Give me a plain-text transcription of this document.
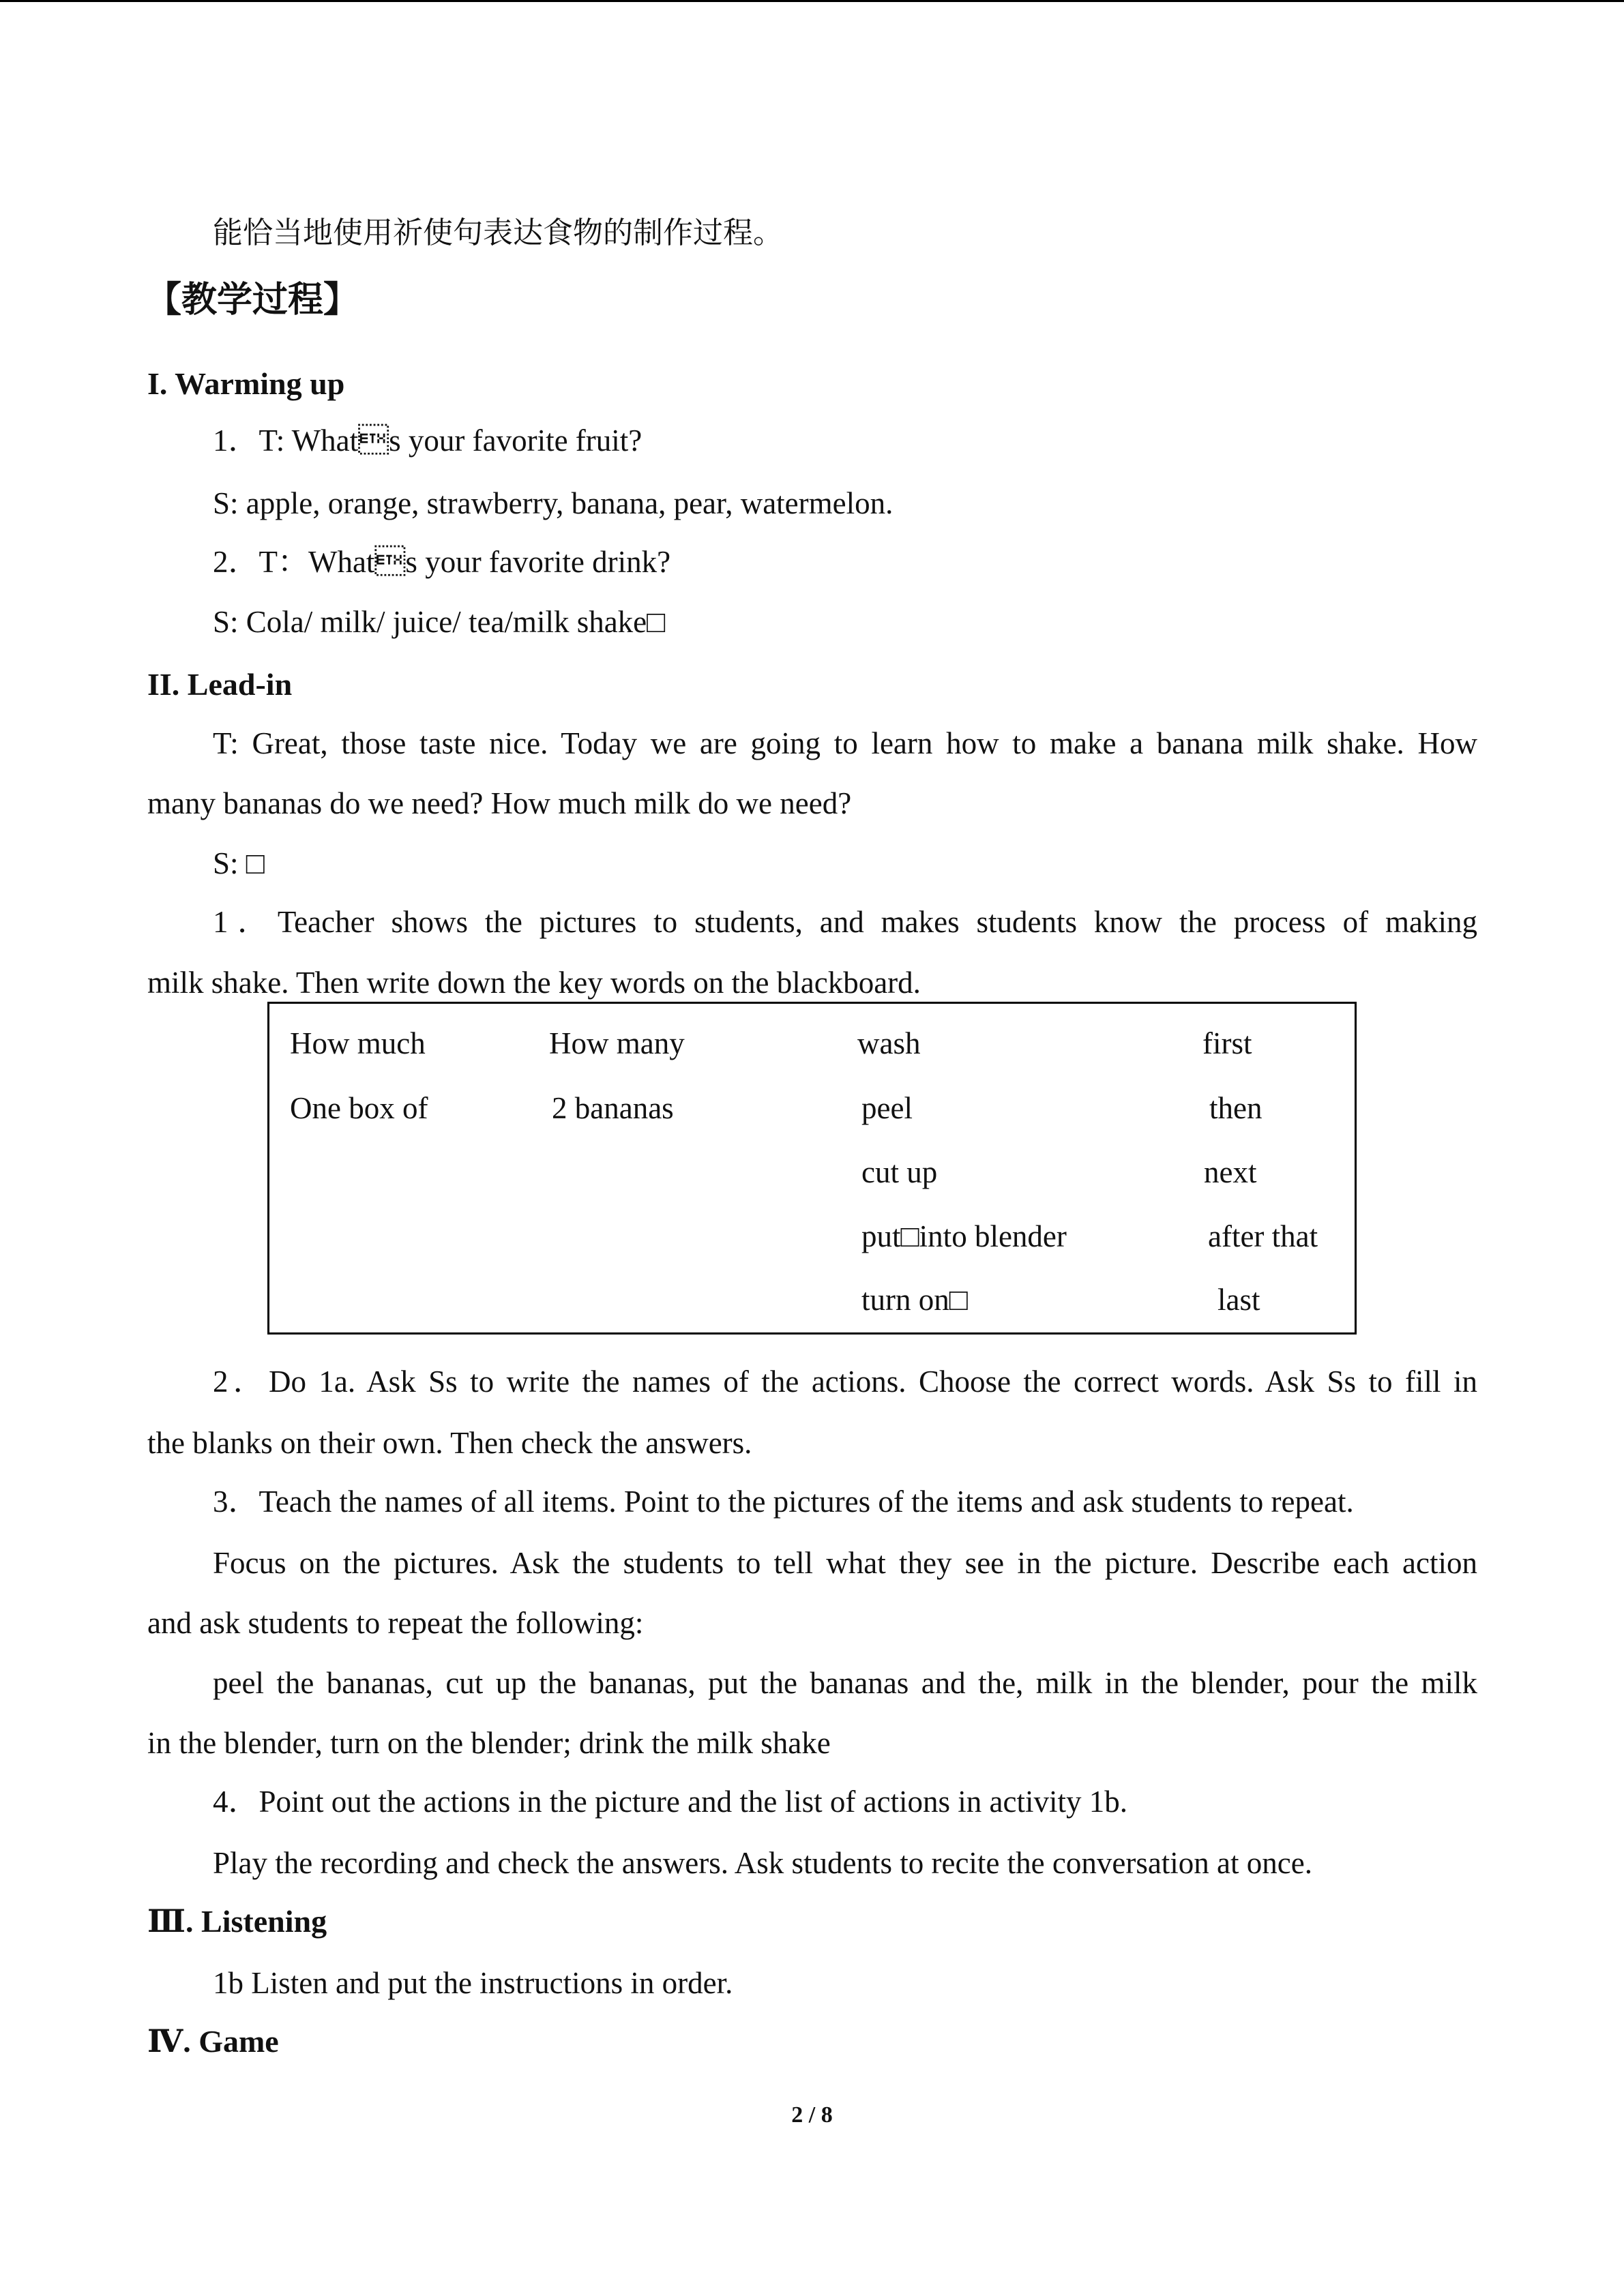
能恰当地使用祈使句表达食物的制作过程。
【教学过程】
I. Warming up
1．T: Whats your favorite fruit?
S: apple, orange, strawberry, banana, pear, watermelon.
2．T：Whats your favorite drink?
S: Cola/ milk/ juice/ tea/milk shake□
II. Lead-in
T: Great, those taste nice. Today we are going to learn how to make a banana milk shake. How
many bananas do we need? How much milk do we need?
S: □
1．Teacher shows the pictures to students, and makes students know the process of making
milk shake. Then write down the key words on the blackboard.
How much
One box of
How many
2 bananas
wash
peel
cut up
put□into blender
turn on□
first
then
next
after that
last
2．Do 1a. Ask Ss to write the names of the actions. Choose the correct words. Ask Ss to fill in
the blanks on their own. Then check the answers.
3．Teach the names of all items. Point to the pictures of the items and ask students to repeat.
Focus on the pictures. Ask the students to tell what they see in the picture. Describe each action
and ask students to repeat the following:
peel the bananas, cut up the bananas, put the bananas and the, milk in the blender, pour the milk
in the blender, turn on the blender; drink the milk shake
4．Point out the actions in the picture and the list of actions in activity 1b.
Play the recording and check the answers. Ask students to recite the conversation at once.
Ⅲ. Listening
1b Listen and put the instructions in order.
Ⅳ. Game
2 / 8
